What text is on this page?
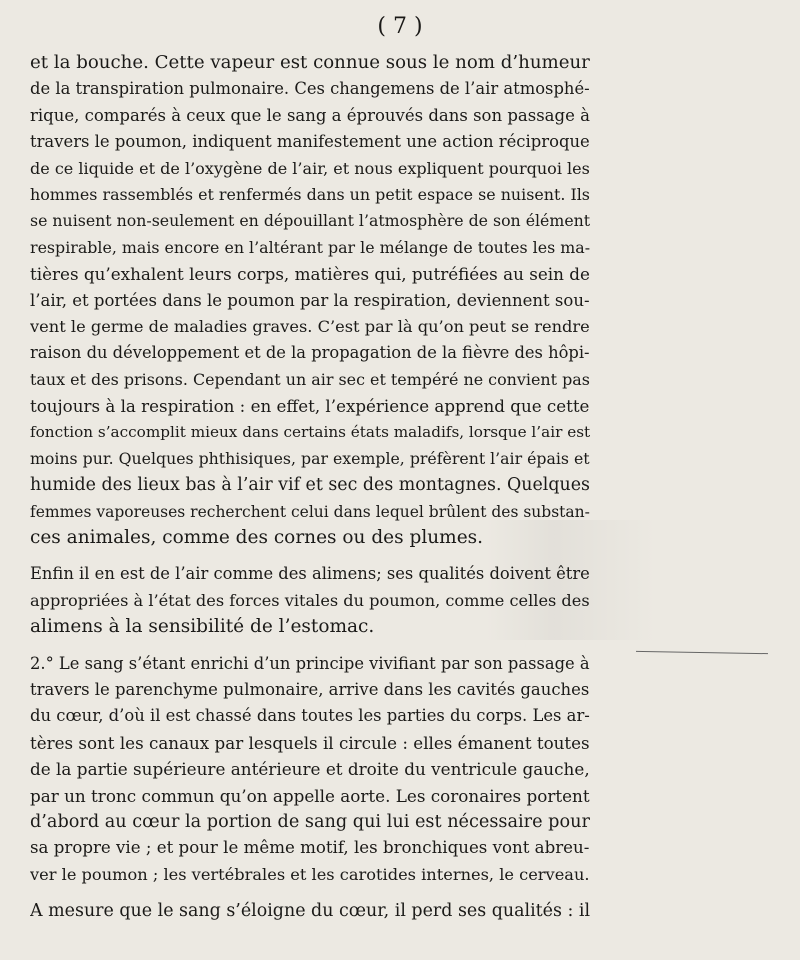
( 7 )
et la bouche. Cette vapeur est connue sous le nom d’humeur
de la transpiration pulmonaire. Ces changemens de l’air atmosphé-
rique, comparés à ceux que le sang a éprouvés dans son passage à
travers le poumon, indiquent manifestement une action réciproque
de ce liquide et de l’oxygène de l’air, et nous expliquent pourquoi les
hommes rassemblés et renfermés dans un petit espace se nuisent. Ils
se nuisent non-seulement en dépouillant l’atmosphère de son élément
respirable, mais encore en l’altérant par le mélange de toutes les ma-
tières qu’exhalent leurs corps, matières qui, putréfiées au sein de
l’air, et portées dans le poumon par la respiration, deviennent sou-
vent le germe de maladies graves. C’est par là qu’on peut se rendre
raison du développement et de la propagation de la fièvre des hôpi-
taux et des prisons. Cependant un air sec et tempéré ne convient pas
toujours à la respiration : en effet, l’expérience apprend que cette
fonction s’accomplit mieux dans certains états maladifs, lorsque l’air est
moins pur. Quelques phthisiques, par exemple, préfèrent l’air épais et
humide des lieux bas à l’air vif et sec des montagnes. Quelques
femmes vaporeuses recherchent celui dans lequel brûlent des substan-
ces animales, comme des cornes ou des plumes.
Enfin il en est de l’air comme des alimens; ses qualités doivent être
appropriées à l’état des forces vitales du poumon, comme celles des
alimens à la sensibilité de l’estomac.
2.° Le sang s’étant enrichi d’un principe vivifiant par son passage à
travers le parenchyme pulmonaire, arrive dans les cavités gauches
du cœur, d’où il est chassé dans toutes les parties du corps. Les ar-
tères sont les canaux par lesquels il circule : elles émanent toutes
de la partie supérieure antérieure et droite du ventricule gauche,
par un tronc commun qu’on appelle aorte. Les coronaires portent
d’abord au cœur la portion de sang qui lui est nécessaire pour
sa propre vie ; et pour le même motif, les bronchiques vont abreu-
ver le poumon ; les vertébrales et les carotides internes, le cerveau.
A mesure que le sang s’éloigne du cœur, il perd ses qualités : il
